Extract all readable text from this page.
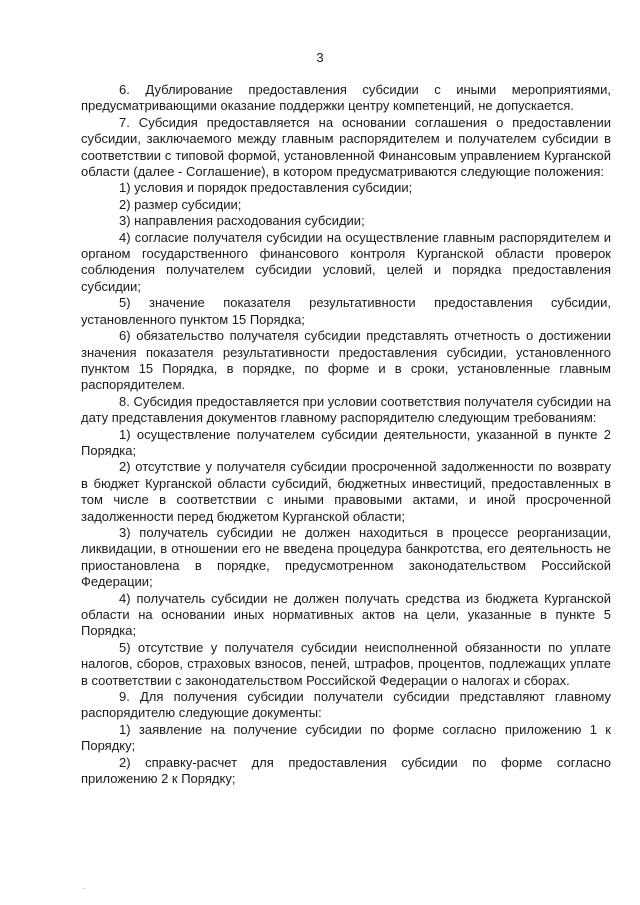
3

6. Дублирование предоставления субсидии с иными мероприятиями, предусматривающими оказание поддержки центру компетенций, не допускается.

7. Субсидия предоставляется на основании соглашения о предоставлении субсидии, заключаемого между главным распорядителем и получателем субсидии в соответствии с типовой формой, установленной Финансовым управлением Курганской области (далее - Соглашение), в котором предусматриваются следующие положения:

1) условия и порядок предоставления субсидии;

2) размер субсидии;

3) направления расходования субсидии;

4) согласие получателя субсидии на осуществление главным распорядителем и органом государственного финансового контроля Курганской области проверок соблюдения получателем субсидии условий, целей и порядка предоставления субсидии;

5) значение показателя результативности предоставления субсидии, установленного пунктом 15 Порядка;

6) обязательство получателя субсидии представлять отчетность о достижении значения показателя результативности предоставления субсидии, установленного пунктом 15 Порядка, в порядке, по форме и в сроки, установленные главным распорядителем.

8. Субсидия предоставляется при условии соответствия получателя субсидии на дату представления документов главному распорядителю следующим требованиям:

1) осуществление получателем субсидии деятельности, указанной в пункте 2 Порядка;

2) отсутствие у получателя субсидии просроченной задолженности по возврату в бюджет Курганской области субсидий, бюджетных инвестиций, предоставленных в том числе в соответствии с иными правовыми актами, и иной просроченной задолженности перед бюджетом Курганской области;

3) получатель субсидии не должен находиться в процессе реорганизации, ликвидации, в отношении его не введена процедура банкротства, его деятельность не приостановлена в порядке, предусмотренном законодательством Российской Федерации;

4) получатель субсидии не должен получать средства из бюджета Курганской области на основании иных нормативных актов на цели, указанные в пункте 5 Порядка;

5) отсутствие у получателя субсидии неисполненной обязанности по уплате налогов, сборов, страховых взносов, пеней, штрафов, процентов, подлежащих уплате в соответствии с законодательством Российской Федерации о налогах и сборах.

9. Для получения субсидии получатели субсидии представляют главному распорядителю следующие документы:

1) заявление на получение субсидии по форме согласно приложению 1 к Порядку;

2) справку-расчет для предоставления субсидии по форме согласно приложению 2 к Порядку;
